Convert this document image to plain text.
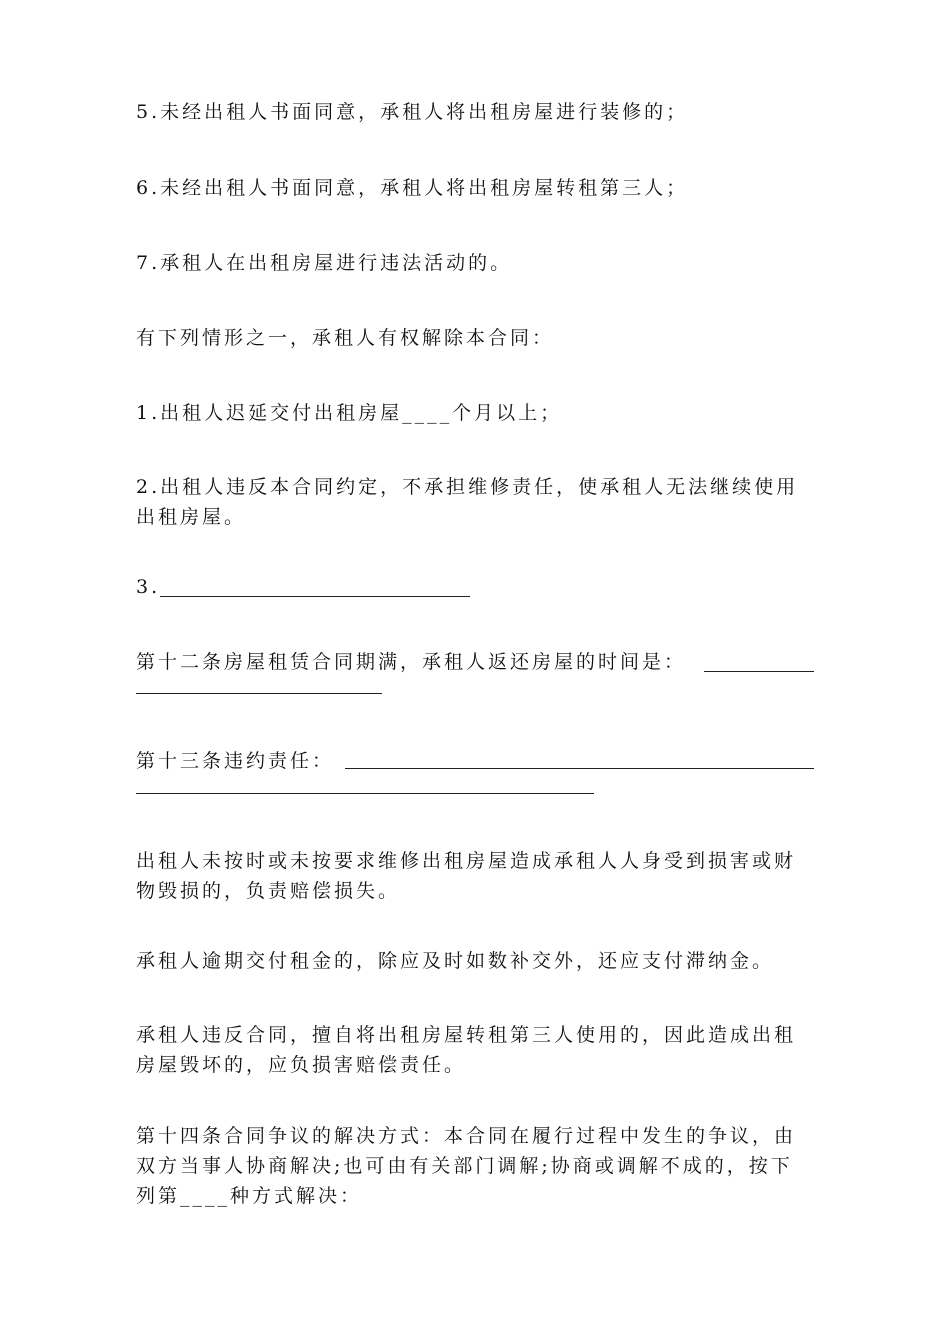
5.未经出租人书面同意，承租人将出租房屋进行装修的；

6.未经出租人书面同意，承租人将出租房屋转租第三人；

7.承租人在出租房屋进行违法活动的。

有下列情形之一，承租人有权解除本合同：

1.出租人迟延交付出租房屋____个月以上；

2.出租人违反本合同约定，不承担维修责任，使承租人无法继续使用

出租房屋。

3.

第十二条房屋租赁合同期满，承租人返还房屋的时间是：

第十三条违约责任：

出租人未按时或未按要求维修出租房屋造成承租人人身受到损害或财

物毁损的，负责赔偿损失。

承租人逾期交付租金的，除应及时如数补交外，还应支付滞纳金。

承租人违反合同，擅自将出租房屋转租第三人使用的，因此造成出租

房屋毁坏的，应负损害赔偿责任。

第十四条合同争议的解决方式：本合同在履行过程中发生的争议，由

双方当事人协商解决;也可由有关部门调解;协商或调解不成的，按下

列第____种方式解决：
